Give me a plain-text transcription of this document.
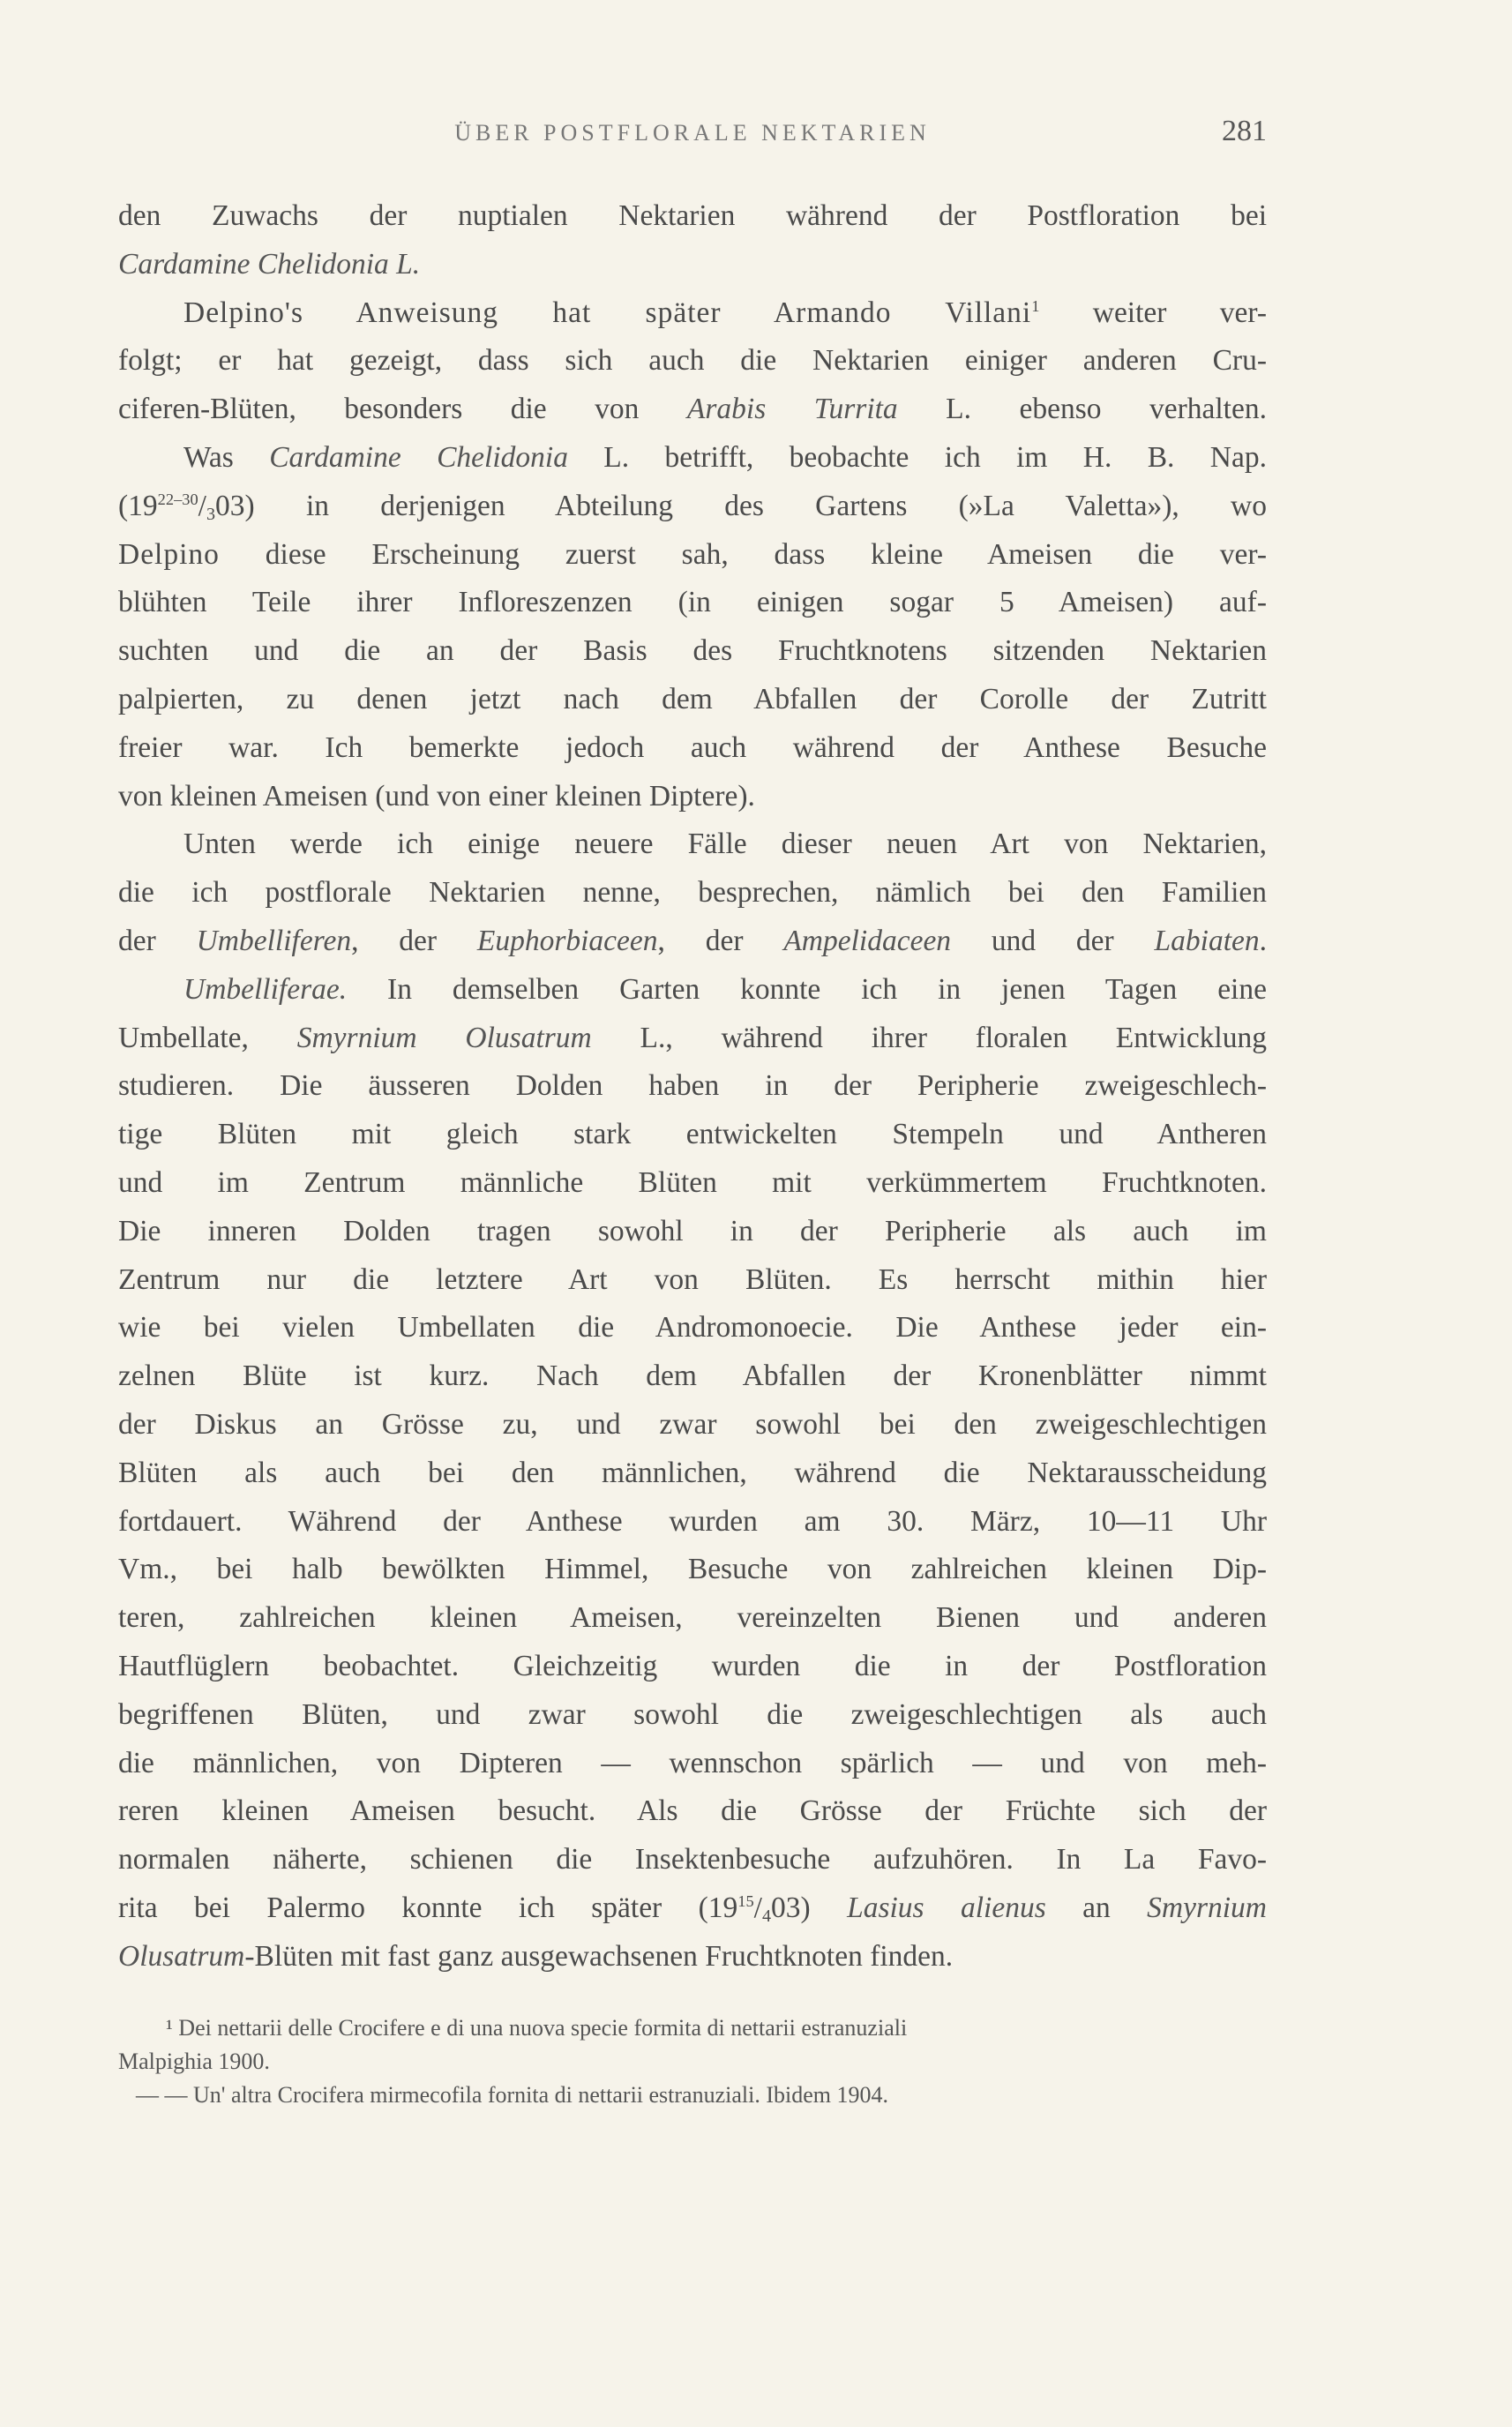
ÜBER POSTFLORALE NEKTARIEN	281
den Zuwachs der nuptialen Nektarien während der Postfloration bei
Cardamine Chelidonia L.
Delpino's Anweisung hat später Armando Villani$^1$ weiter ver-
folgt; er hat gezeigt, dass sich auch die Nektarien einiger anderen Cru-
ciferen-Blüten, besonders die von Arabis Turrita L. ebenso verhalten.
Was Cardamine Chelidonia L. betrifft, beobachte ich im H. B. Nap.
$(19^{22-30}/_303)$ in derjenigen Abteilung des Gartens (»La Valetta»), wo
Delpino diese Erscheinung zuerst sah, dass kleine Ameisen die ver-
blühten Teile ihrer Infloreszenzen (in einigen sogar 5 Ameisen) auf-
suchten und die an der Basis des Fruchtknotens sitzenden Nektarien
palpierten, zu denen jetzt nach dem Abfallen der Corolle der Zutritt
freier war. Ich bemerkte jedoch auch während der Anthese Besuche
von kleinen Ameisen (und von einer kleinen Diptere).
Unten werde ich einige neuere Fälle dieser neuen Art von Nektarien,
die ich postflorale Nektarien nenne, besprechen, nämlich bei den Familien
der Umbelliferen, der Euphorbiaceen, der Ampelidaceen und der Labiaten.
Umbelliferae. In demselben Garten konnte ich in jenen Tagen eine
Umbellate, Smyrnium Olusatrum L., während ihrer floralen Entwicklung
studieren. Die äusseren Dolden haben in der Peripherie zweigeschlech-
tige Blüten mit gleich stark entwickelten Stempeln und Antheren
und im Zentrum männliche Blüten mit verkümmertem Fruchtknoten.
Die inneren Dolden tragen sowohl in der Peripherie als auch im
Zentrum nur die letztere Art von Blüten. Es herrscht mithin hier
wie bei vielen Umbellaten die Andromonoecie. Die Anthese jeder ein-
zelnen Blüte ist kurz. Nach dem Abfallen der Kronenblätter nimmt
der Diskus an Grösse zu, und zwar sowohl bei den zweigeschlechtigen
Blüten als auch bei den männlichen, während die Nektarausscheidung
fortdauert. Während der Anthese wurden am 30. März, 10—11 Uhr
Vm., bei halb bewölkten Himmel, Besuche von zahlreichen kleinen Dip-
teren, zahlreichen kleinen Ameisen, vereinzelten Bienen und anderen
Hautflüglern beobachtet. Gleichzeitig wurden die in der Postfloration
begriffenen Blüten, und zwar sowohl die zweigeschlechtigen als auch
die männlichen, von Dipteren — wennschon spärlich — und von meh-
reren kleinen Ameisen besucht. Als die Grösse der Früchte sich der
normalen näherte, schienen die Insektenbesuche aufzuhören. In La Favo-
rita bei Palermo konnte ich später $(19^{15}/_403)$ Lasius alienus an Smyrnium
Olusatrum-Blüten mit fast ganz ausgewachsenen Fruchtknoten finden.
¹ Dei nettarii delle Crocifere e di una nuova specie formita di nettarii estranuziali
Malpighia 1900.
— — Un' altra Crocifera mirmecofila fornita di nettarii estranuziali. Ibidem 1904.
